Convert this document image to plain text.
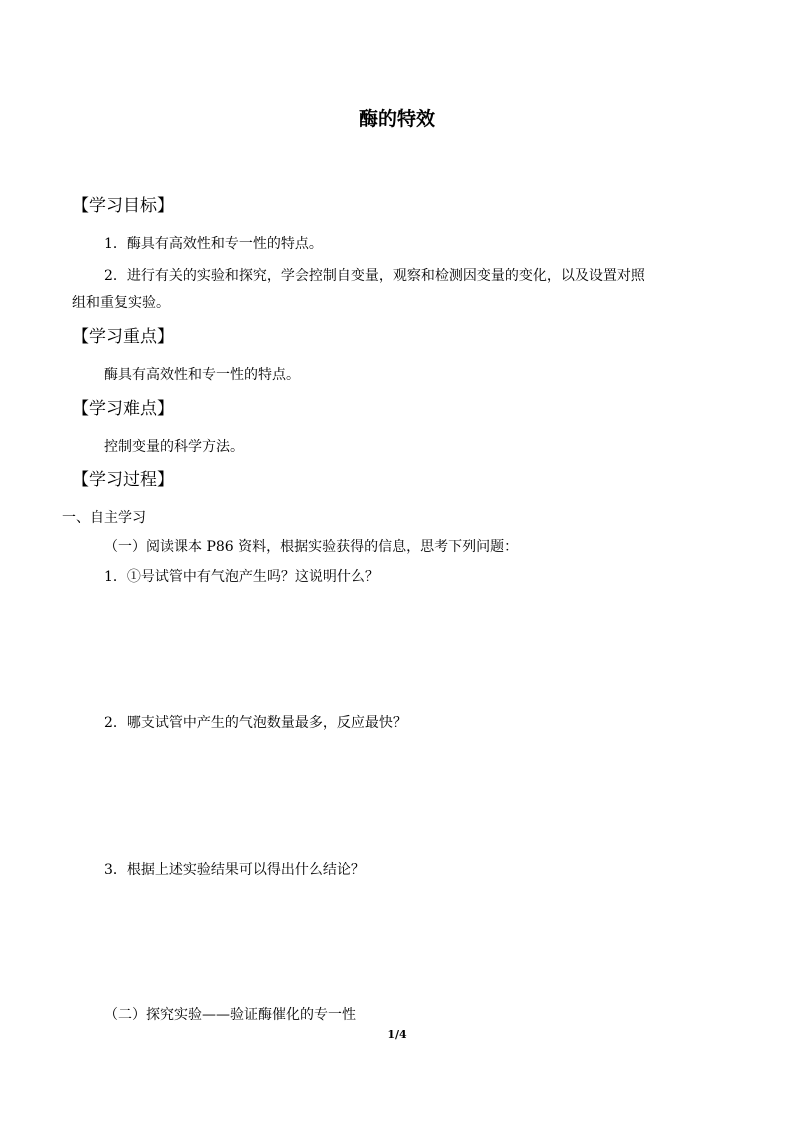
酶的特效
【学习目标】
1．酶具有高效性和专一性的特点。
2．进行有关的实验和探究，学会控制自变量，观察和检测因变量的变化，以及设置对照
组和重复实验。
【学习重点】
酶具有高效性和专一性的特点。
【学习难点】
控制变量的科学方法。
【学习过程】
一、自主学习
（一）阅读课本 P86 资料，根据实验获得的信息，思考下列问题：
1．①号试管中有气泡产生吗？这说明什么？
2．哪支试管中产生的气泡数量最多，反应最快？
3．根据上述实验结果可以得出什么结论？
（二）探究实验——验证酶催化的专一性
1/4
